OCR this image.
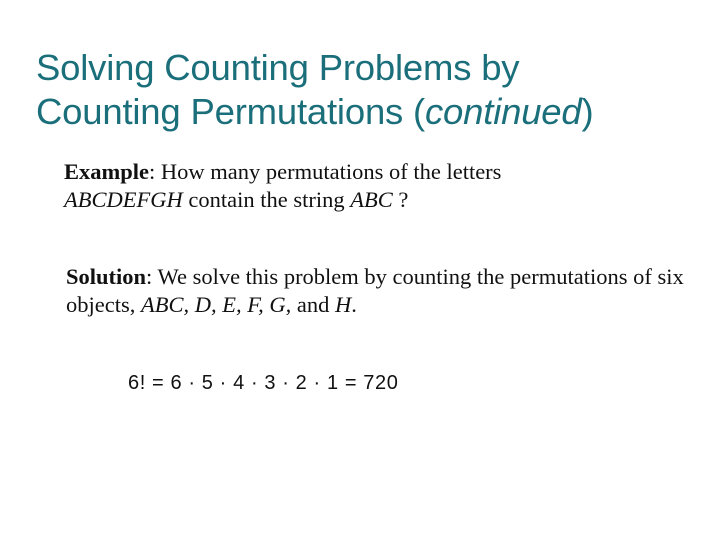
Solving Counting Problems by
Counting Permutations (continued)
Example: How many permutations of the letters
ABCDEFGH contain the string ABC ?
Solution: We solve this problem by counting the permutations of six objects, ABC, D, E, F, G, and H.
6! = 6 · 5 · 4 · 3 · 2 · 1 = 720
